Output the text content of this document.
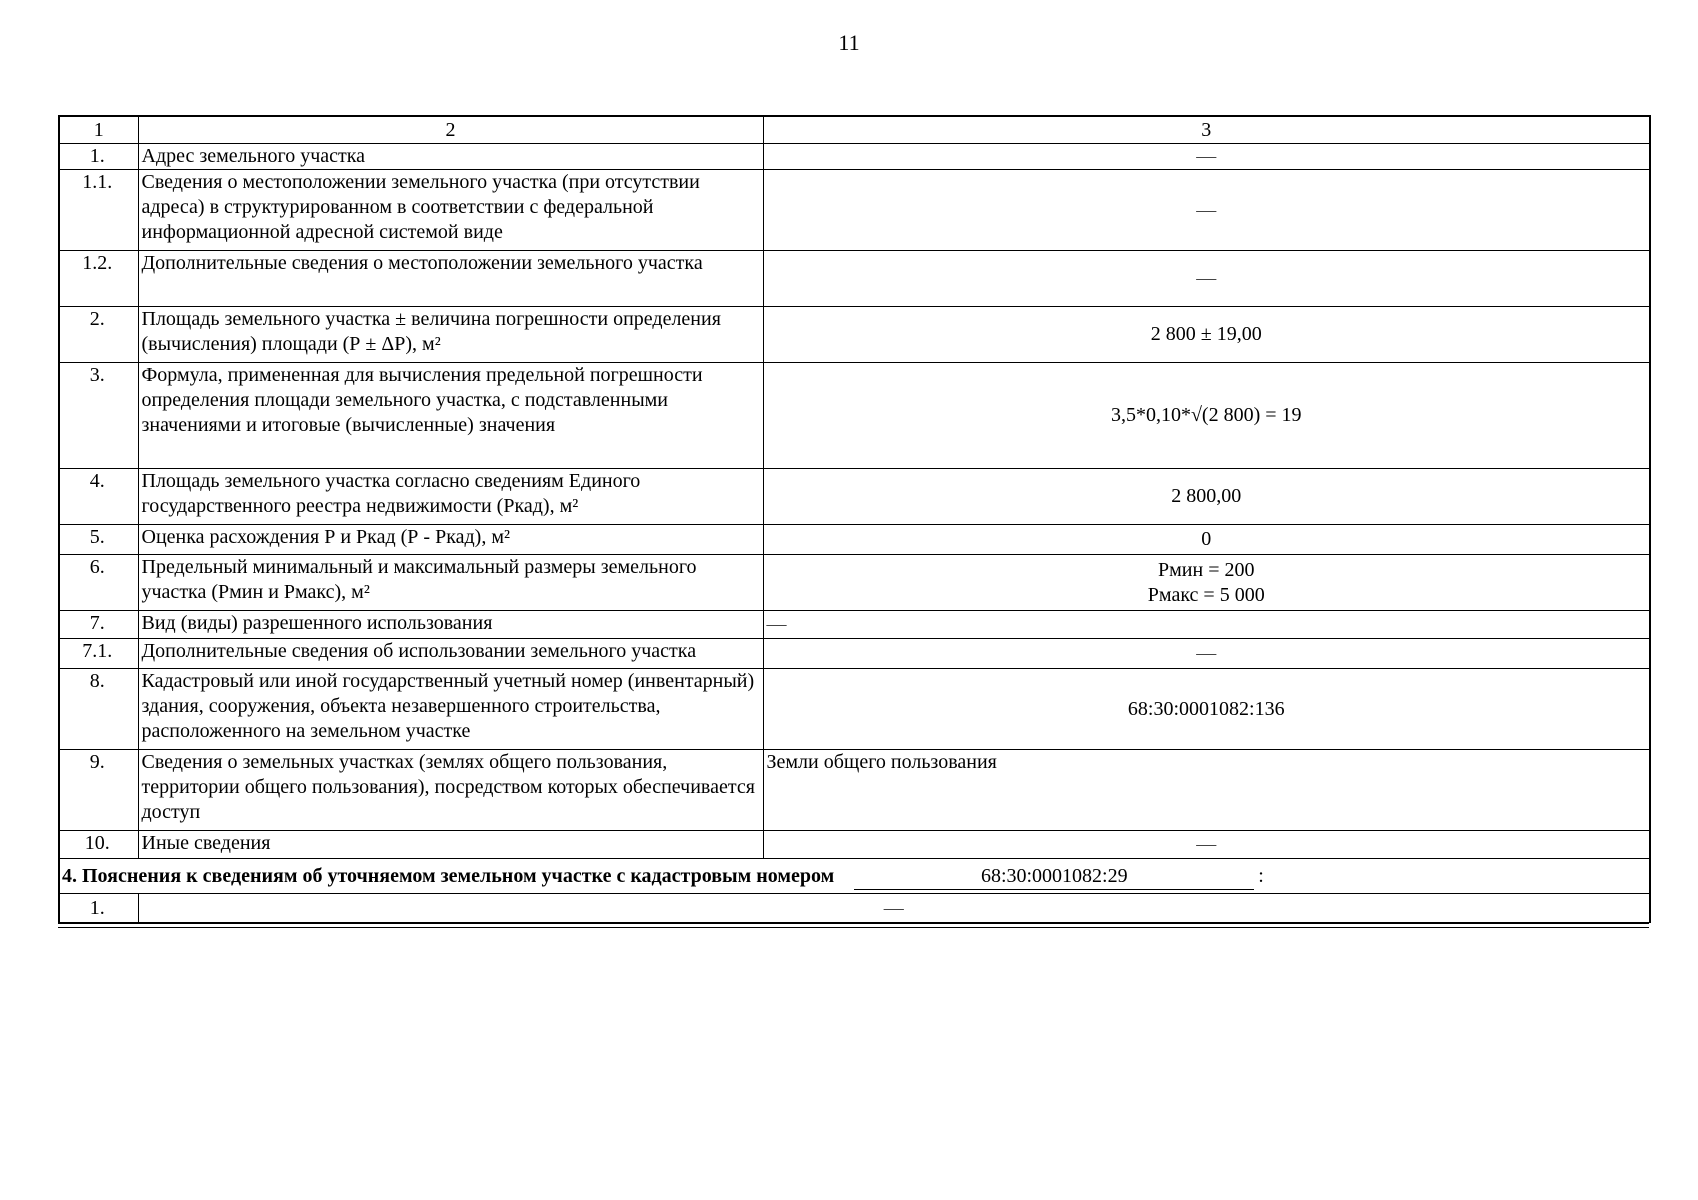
11
1	2	3
1.	Адрес земельного участка	—
1.1.	Сведения о местоположении земельного участка (при отсутствии адреса) в структурированном в соответствии с федеральной информационной адресной системой виде	—
1.2.	Дополнительные сведения о местоположении земельного участка	—
2.	Площадь земельного участка ± величина погрешности определения (вычисления) площади (Р ± ΔР), м²	2 800 ± 19,00
3.	Формула, примененная для вычисления предельной погрешности определения площади земельного участка, с подставленными значениями и итоговые (вычисленные) значения	3,5*0,10*√(2 800) = 19
4.	Площадь земельного участка согласно сведениям Единого государственного реестра недвижимости (Ркад), м²	2 800,00
5.	Оценка расхождения Р и Ркад (Р - Ркад), м²	0
6.	Предельный минимальный и максимальный размеры земельного участка (Рмин и Рмакс), м²	Рмин = 200
Рмакс = 5 000

7.	Вид (виды) разрешенного использования	—
7.1.	Дополнительные сведения об использовании земельного участка	—
8.	Кадастровый или иной государственный учетный номер (инвентарный) здания, сооружения, объекта незавершенного строительства, расположенного на земельном участке	68:30:0001082:136
9.	Сведения о земельных участках (землях общего пользования, территории общего пользования), посредством которых обеспечивается доступ	Земли общего пользования
10.	Иные сведения	—

4. Пояснения к сведениям об уточняемом земельном участке с кадастровым номером 68:30:0001082:29 :		

1.	—	
